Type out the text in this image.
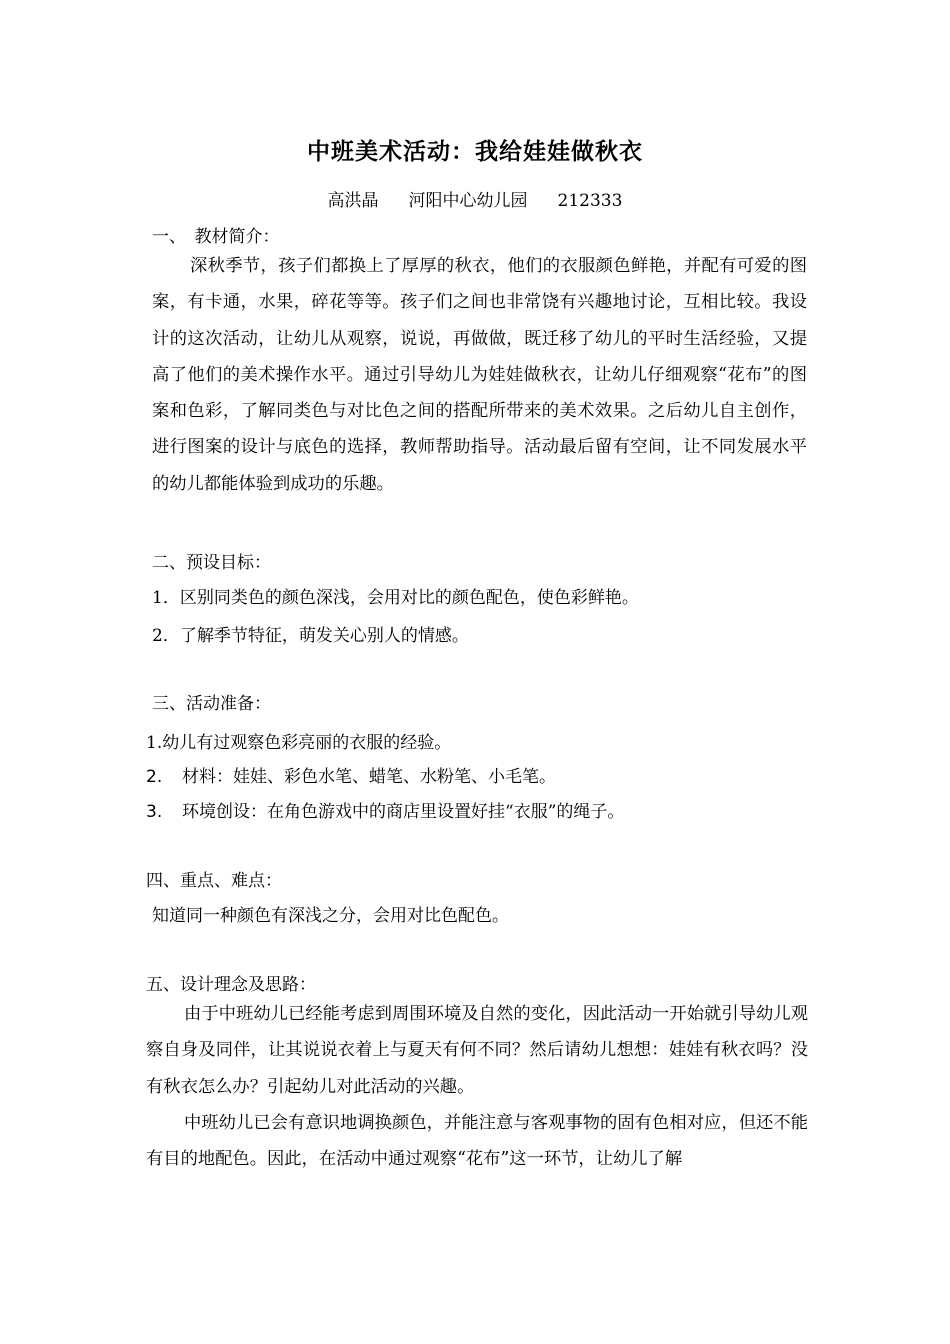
中班美术活动：我给娃娃做秋衣
高洪晶 河阳中心幼儿园 212333
一、　教材简介：
深秋季节，孩子们都换上了厚厚的秋衣，他们的衣服颜色鲜艳，并配有可爱的图案，有卡通，水果，碎花等等。孩子们之间也非常饶有兴趣地讨论，互相比较。我设计的这次活动，让幼儿从观察，说说，再做做，既迁移了幼儿的平时生活经验，又提高了他们的美术操作水平。通过引导幼儿为娃娃做秋衣，让幼儿仔细观察“花布”的图案和色彩，了解同类色与对比色之间的搭配所带来的美术效果。之后幼儿自主创作，进行图案的设计与底色的选择，教师帮助指导。活动最后留有空间，让不同发展水平的幼儿都能体验到成功的乐趣。
二、预设目标：
1．区别同类色的颜色深浅，会用对比的颜色配色，使色彩鲜艳。
2．了解季节特征，萌发关心别人的情感。
三、活动准备：
1.幼儿有过观察色彩亮丽的衣服的经验。
2. 材料：娃娃、彩色水笔、蜡笔、水粉笔、小毛笔。
3. 环境创设：在角色游戏中的商店里设置好挂“衣服”的绳子。
四、重点、难点：
知道同一种颜色有深浅之分，会用对比色配色。
五、设计理念及思路：
由于中班幼儿已经能考虑到周围环境及自然的变化，因此活动一开始就引导幼儿观察自身及同伴，让其说说衣着上与夏天有何不同？然后请幼儿想想：娃娃有秋衣吗？没有秋衣怎么办？引起幼儿对此活动的兴趣。
中班幼儿已会有意识地调换颜色，并能注意与客观事物的固有色相对应，但还不能有目的地配色。因此，在活动中通过观察“花布”这一环节，让幼儿了解
